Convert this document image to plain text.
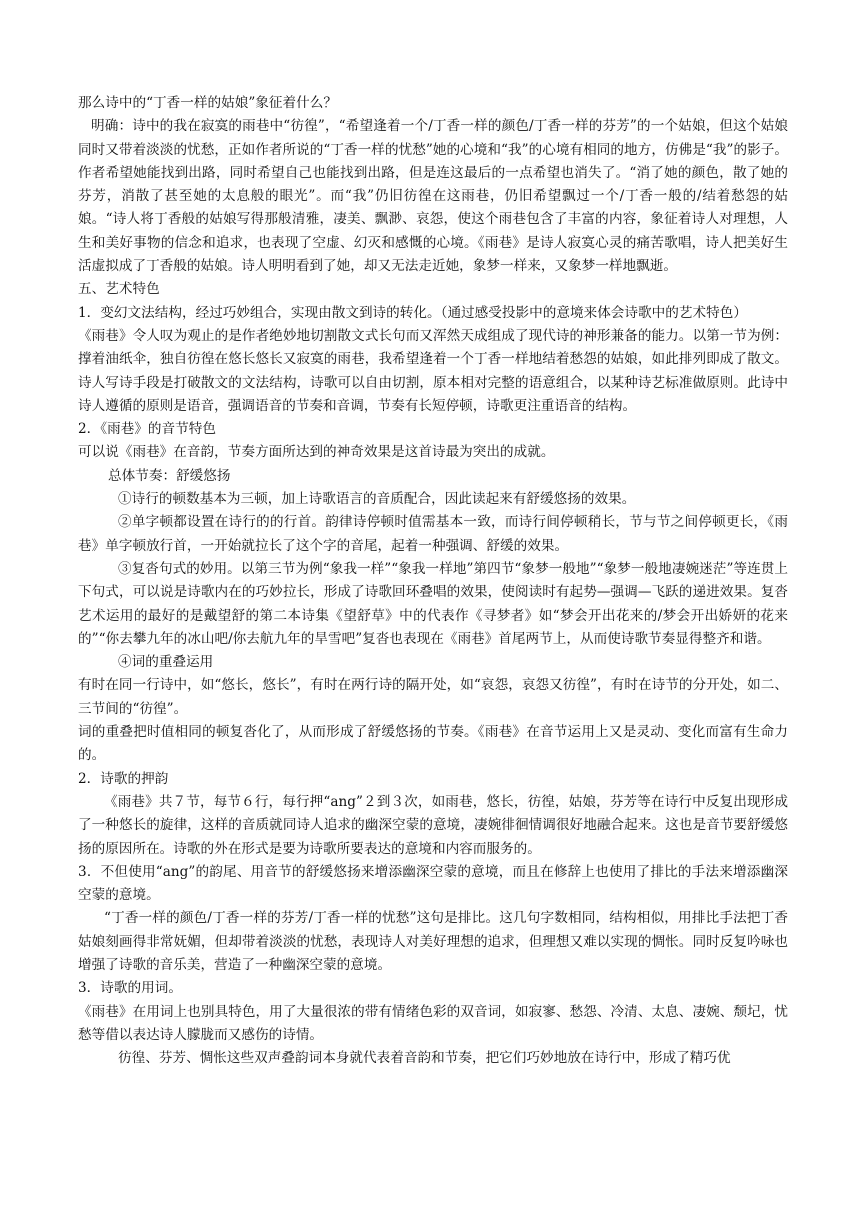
那么诗中的“丁香一样的姑娘”象征着什么？

明确：诗中的我在寂寞的雨巷中“彷徨”，“希望逢着一个/丁香一样的颜色/丁香一样的芬芳”的一个姑娘，但这个姑娘同时又带着淡淡的忧愁，正如作者所说的“丁香一样的忧愁”她的心境和“我”的心境有相同的地方，仿佛是“我”的影子。作者希望她能找到出路，同时希望自己也能找到出路，但是连这最后的一点希望也消失了。“消了她的颜色，散了她的芬芳，消散了甚至她的太息般的眼光”。而“我”仍旧彷徨在这雨巷，仍旧希望飘过一个/丁香一般的/结着愁怨的姑娘。“诗人将丁香般的姑娘写得那般清雅，凄美、飘渺、哀怨，使这个雨巷包含了丰富的内容，象征着诗人对理想，人生和美好事物的信念和追求，也表现了空虚、幻灭和感慨的心境。《雨巷》是诗人寂寞心灵的痛苦歌唱，诗人把美好生活虚拟成了丁香般的姑娘。诗人明明看到了她，却又无法走近她，象梦一样来，又象梦一样地飘逝。

五、艺术特色

1．变幻文法结构，经过巧妙组合，实现由散文到诗的转化。（通过感受投影中的意境来体会诗歌中的艺术特色）

《雨巷》令人叹为观止的是作者绝妙地切割散文式长句而又浑然天成组成了现代诗的神形兼备的能力。以第一节为例：撑着油纸伞，独自彷徨在悠长悠长又寂寞的雨巷，我希望逢着一个丁香一样地结着愁怨的姑娘，如此排列即成了散文。诗人写诗手段是打破散文的文法结构，诗歌可以自由切割，原本相对完整的语意组合，以某种诗艺标准做原则。此诗中诗人遵循的原则是语音，强调语音的节奏和音调，节奏有长短停顿，诗歌更注重语音的结构。

2．《雨巷》的音节特色

可以说《雨巷》在音韵，节奏方面所达到的神奇效果是这首诗最为突出的成就。

总体节奏：舒缓悠扬

①诗行的顿数基本为三顿，加上诗歌语言的音质配合，因此读起来有舒缓悠扬的效果。

②单字顿都设置在诗行的的行首。韵律诗停顿时值需基本一致，而诗行间停顿稍长，节与节之间停顿更长，《雨巷》单字顿放行首，一开始就拉长了这个字的音尾，起着一种强调、舒缓的效果。

③复沓句式的妙用。以第三节为例“象我一样”“象我一样地”第四节“象梦一般地”“象梦一般地凄婉迷茫”等连贯上下句式，可以说是诗歌内在的巧妙拉长，形成了诗歌回环叠唱的效果，使阅读时有起势—强调—飞跃的递进效果。复沓艺术运用的最好的是戴望舒的第二本诗集《望舒草》中的代表作《寻梦者》如“梦会开出花来的/梦会开出娇妍的花来的”“你去攀九年的冰山吧/你去航九年的旱雪吧”复沓也表现在《雨巷》首尾两节上，从而使诗歌节奏显得整齐和谐。

④词的重叠运用

有时在同一行诗中，如“悠长，悠长”，有时在两行诗的隔开处，如“哀怨，哀怨又彷徨”，有时在诗节的分开处，如二、三节间的“彷徨”。

词的重叠把时值相同的顿复沓化了，从而形成了舒缓悠扬的节奏。《雨巷》在音节运用上又是灵动、变化而富有生命力的。

2．诗歌的押韵

《雨巷》共７节，每节６行，每行押“ang”２到３次，如雨巷，悠长，彷徨，姑娘，芬芳等在诗行中反复出现形成了一种悠长的旋律，这样的音质就同诗人追求的幽深空蒙的意境，凄婉徘徊情调很好地融合起来。这也是音节要舒缓悠扬的原因所在。诗歌的外在形式是要为诗歌所要表达的意境和内容而服务的。

3．不但使用“ang”的韵尾、用音节的舒缓悠扬来增添幽深空蒙的意境，而且在修辞上也使用了排比的手法来增添幽深空蒙的意境。

“丁香一样的颜色/丁香一样的芬芳/丁香一样的忧愁”这句是排比。这几句字数相同，结构相似，用排比手法把丁香姑娘刻画得非常妩媚，但却带着淡淡的忧愁，表现诗人对美好理想的追求，但理想又难以实现的惆怅。同时反复吟咏也增强了诗歌的音乐美，营造了一种幽深空蒙的意境。

3．诗歌的用词。

《雨巷》在用词上也别具特色，用了大量很浓的带有情绪色彩的双音词，如寂寥、愁怨、冷清、太息、凄婉、颓圮，忧愁等借以表达诗人朦胧而又感伤的诗情。

彷徨、芬芳、惆怅这些双声叠韵词本身就代表着音韵和节奏，把它们巧妙地放在诗行中，形成了精巧优
